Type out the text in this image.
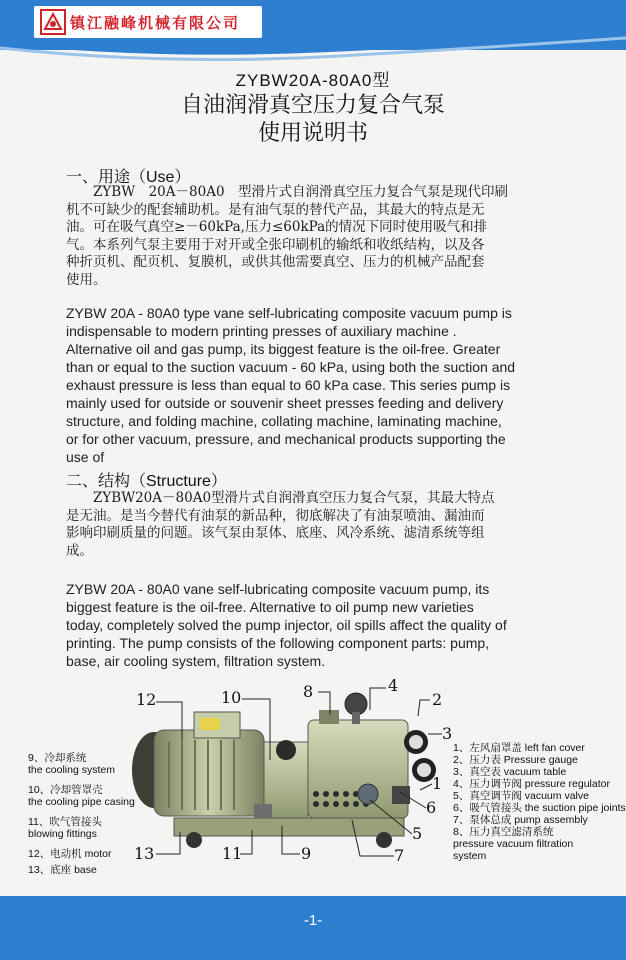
镇江融峰机械有限公司
ZYBW20A-80A0型
自油润滑真空压力复合气泵
使用说明书
一、用途（Use）
　　ZYBW　20A－80A0　型滑片式自润滑真空压力复合气泵是现代印刷
机不可缺少的配套辅助机。是有油气泵的替代产品，其最大的特点是无
油。可在吸气真空≥－60kPa,压力≤60kPa的情况下同时使用吸气和排
气。本系列气泵主要用于对开或全张印刷机的输纸和收纸结构，以及各
种折页机、配页机、复膜机，或供其他需要真空、压力的机械产品配套
使用。
ZYBW 20A - 80A0 type vane self-lubricating composite vacuum pump is
indispensable to modern printing presses of auxiliary machine .
Alternative oil and gas pump, its biggest feature is the oil-free. Greater
than or equal to the suction vacuum - 60 kPa, using both the suction and
exhaust pressure is less than equal to 60 kPa case. This series pump is
mainly used for outside or souvenir sheet presses feeding and delivery
structure, and folding machine, collating machine, laminating machine,
or for other vacuum, pressure, and mechanical products supporting the
use of
二、结构（Structure）
　　ZYBW20A－80A0型滑片式自润滑真空压力复合气泵，其最大特点
是无油。是当今替代有油泵的新品种，彻底解决了有油泵喷油、漏油而
影响印刷质量的问题。该气泵由泵体、底座、风冷系统、滤清系统等组
成。
ZYBW 20A - 80A0 vane self-lubricating composite vacuum pump, its
biggest feature is the oil-free. Alternative to oil pump new varieties
today, completely solved the pump injector, oil spills affect the quality of
printing. The pump consists of the following component parts: pump,
base, air cooling system, filtration system.
12	10	8	4
2
3
1
6
5
7
9
11
13
9、冷却系统
the cooling system
10、冷却管罩壳
the cooling pipe casing
11、吹气管接头
blowing fittings
12、电动机 motor
13、底座 base
1、左风扇罩盖 left fan cover
2、压力表 Pressure gauge
3、真空表 vacuum table
4、压力调节阀 pressure regulator
5、真空调节阀 vacuum valve
6、吸气管接头 the suction pipe joints
7、泵体总成 pump assembly
8、压力真空滤清系统
pressure vacuum filtration
system
-1-
